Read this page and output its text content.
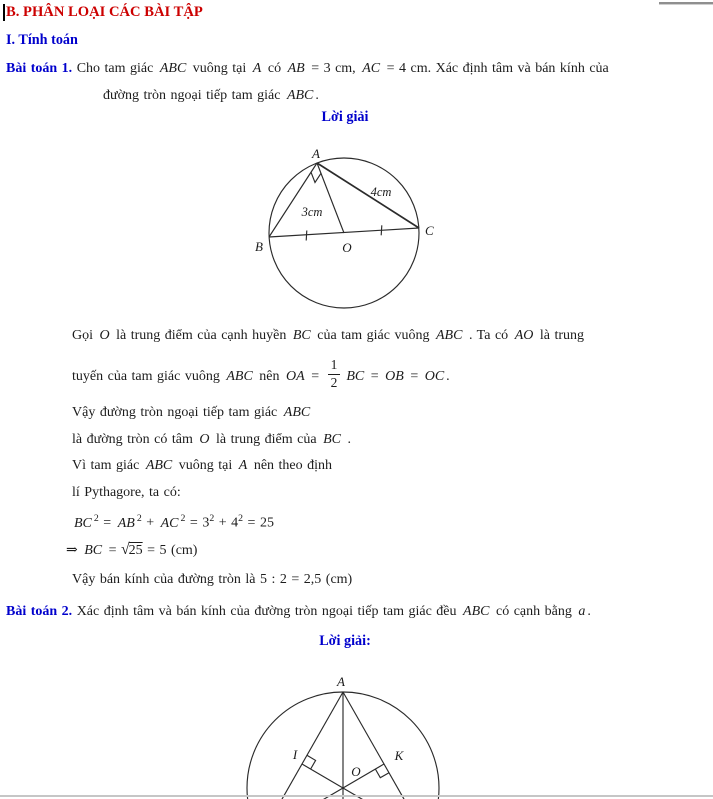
B. PHÂN LOẠI CÁC BÀI TẬP
I. Tính toán
Bài toán 1. Cho tam giác ABC vuông tại A có AB = 3 cm, AC = 4 cm. Xác định tâm và bán kính của
đường tròn ngoại tiếp tam giác ABC .
Lời giải
A
B
C
O
3cm
4cm
Gọi O là trung điểm của cạnh huyền BC của tam giác vuông ABC . Ta có AO là trung
tuyến của tam giác vuông ABC nên OA = $\frac{1}{2}$ BC = OB = OC .
Vậy đường tròn ngoại tiếp tam giác ABC
là đường tròn có tâm O là trung điểm của BC .
Vì tam giác ABC vuông tại A nên theo định
lí Pythagore, ta có:
BC $^2$ = AB $^2$ + AC $^2 = 3^2 + 4^2 = 25$
⇒ BC = √25 = 5 (cm)
Vậy bán kính của đường tròn là 5 : 2 = 2,5 (cm)
Bài toán 2. Xác định tâm và bán kính của đường tròn ngoại tiếp tam giác đều ABC có cạnh bằng a .
Lời giải:
A
I	K
O
